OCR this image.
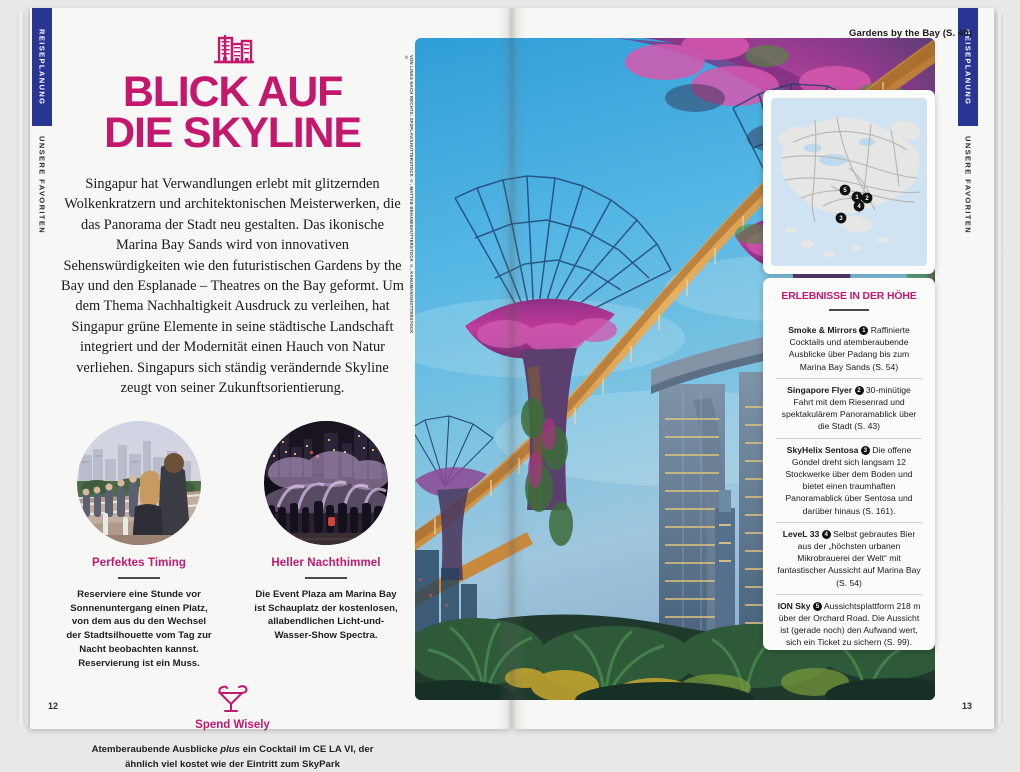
REISEPLANUNG
UNSERE FAVORITEN
REISEPLANUNG
UNSERE FAVORITEN
BLICK AUF
DIE SKYLINE

Singapur hat Verwandlungen erlebt mit glitzernden Wolkenkratzern und architektonischen Meisterwerken, die das Panorama der Stadt neu gestalten. Das ikonische Marina Bay Sands wird von innovativen Sehenswürdigkeiten wie den futuristischen Gardens by the Bay und den Esplanade – Theatres on the Bay geformt. Um dem Thema Nachhaltigkeit Ausdruck zu verleihen, hat Singapur grüne Elemente in seine städtische Landschaft integriert und der Modernität einen Hauch von Natur verliehen. Singapurs sich ständig verändernde Skyline zeugt von seiner Zukunftsorientierung.

Perfektes Timing
Reserviere eine Stunde vor Sonnenuntergang einen Platz, von dem aus du den Wechsel der Stadtsilhouette vom Tag zur Nacht beobachten kannst. Reservierung ist ein Muss.
Heller Nachthimmel
Die Event Plaza am Marina Bay ist Schauplatz der kostenlosen, allabendlichen Licht-und-Wasser-Show Spectra.
Spend Wisely
Atemberaubende Ausblicke plus ein Cocktail im CE LA VI, der ähnlich viel kostet wie der Eintritt zum SkyPark
12
Gardens by the Bay (S. 40)
VON LINKS NACH RECHTS: ZPZPLAV/SHUTTERSTOCK ©, MATTAB BEHAM/SHUTTERSTOCK ©, KANUMAN/SHUTTERSTOCK ©
5
1 2
4
3
ERLEBNISSE IN DER HÖHE
Smoke & Mirrors 1 Raffinierte Cocktails und atemberaubende Ausblicke über Padang bis zum Marina Bay Sands (S. 54)
Singapore Flyer 2 30-minütige Fahrt mit dem Riesenrad und spektakulärem Panoramablick über die Stadt (S. 43)
SkyHelix Sentosa 3 Die offene Gondel dreht sich langsam 12 Stockwerke über dem Boden und bietet einen traumhaften Panoramablick über Sentosa und darüber hinaus (S. 161).
LeveL 33 4 Selbst gebrautes Bier aus der „höchsten urbanen Mikrobrauerei der Welt“ mit fantastischer Aussicht auf Marina Bay (S. 54)
ION Sky 5 Aussichtsplattform 218 m über der Orchard Road. Die Aussicht ist (gerade noch) den Aufwand wert, sich ein Ticket zu sichern (S. 99).
13
